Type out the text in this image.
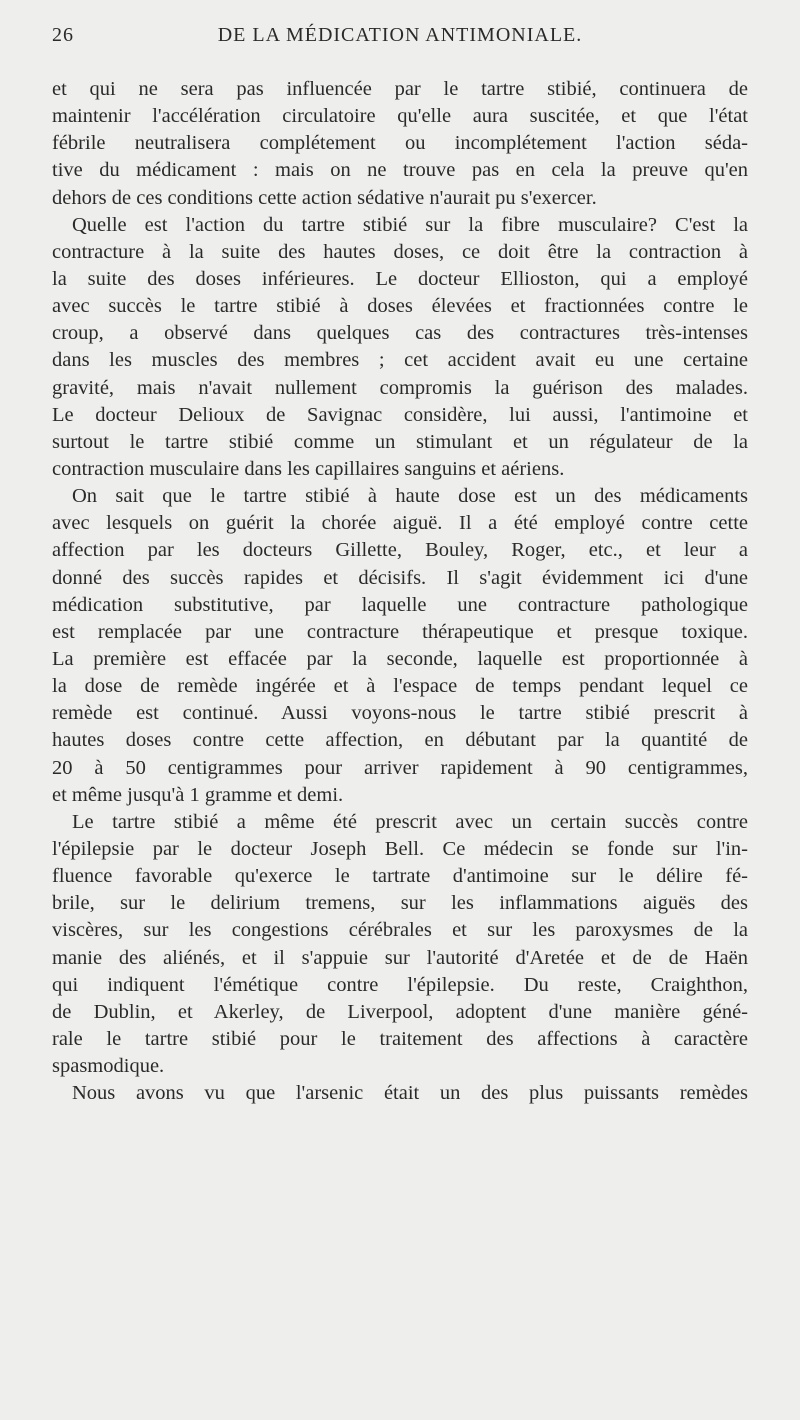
26	DE LA MÉDICATION ANTIMONIALE.
et qui ne sera pas influencée par le tartre stibié, continuera de
maintenir l'accélération circulatoire qu'elle aura suscitée, et que l'état
fébrile neutralisera complétement ou incomplétement l'action séda-
tive du médicament : mais on ne trouve pas en cela la preuve qu'en
dehors de ces conditions cette action sédative n'aurait pu s'exercer.
Quelle est l'action du tartre stibié sur la fibre musculaire? C'est la
contracture à la suite des hautes doses, ce doit être la contraction à
la suite des doses inférieures. Le docteur Ellioston, qui a employé
avec succès le tartre stibié à doses élevées et fractionnées contre le
croup, a observé dans quelques cas des contractures très-intenses
dans les muscles des membres ; cet accident avait eu une certaine
gravité, mais n'avait nullement compromis la guérison des malades.
Le docteur Delioux de Savignac considère, lui aussi, l'antimoine et
surtout le tartre stibié comme un stimulant et un régulateur de la
contraction musculaire dans les capillaires sanguins et aériens.
On sait que le tartre stibié à haute dose est un des médicaments
avec lesquels on guérit la chorée aiguë. Il a été employé contre cette
affection par les docteurs Gillette, Bouley, Roger, etc., et leur a
donné des succès rapides et décisifs. Il s'agit évidemment ici d'une
médication substitutive, par laquelle une contracture pathologique
est remplacée par une contracture thérapeutique et presque toxique.
La première est effacée par la seconde, laquelle est proportionnée à
la dose de remède ingérée et à l'espace de temps pendant lequel ce
remède est continué. Aussi voyons-nous le tartre stibié prescrit à
hautes doses contre cette affection, en débutant par la quantité de
20 à 50 centigrammes pour arriver rapidement à 90 centigrammes,
et même jusqu'à 1 gramme et demi.
Le tartre stibié a même été prescrit avec un certain succès contre
l'épilepsie par le docteur Joseph Bell. Ce médecin se fonde sur l'in-
fluence favorable qu'exerce le tartrate d'antimoine sur le délire fé-
brile, sur le delirium tremens, sur les inflammations aiguës des
viscères, sur les congestions cérébrales et sur les paroxysmes de la
manie des aliénés, et il s'appuie sur l'autorité d'Aretée et de de Haën
qui indiquent l'émétique contre l'épilepsie. Du reste, Craighthon,
de Dublin, et Akerley, de Liverpool, adoptent d'une manière géné-
rale le tartre stibié pour le traitement des affections à caractère
spasmodique.
Nous avons vu que l'arsenic était un des plus puissants remèdes
